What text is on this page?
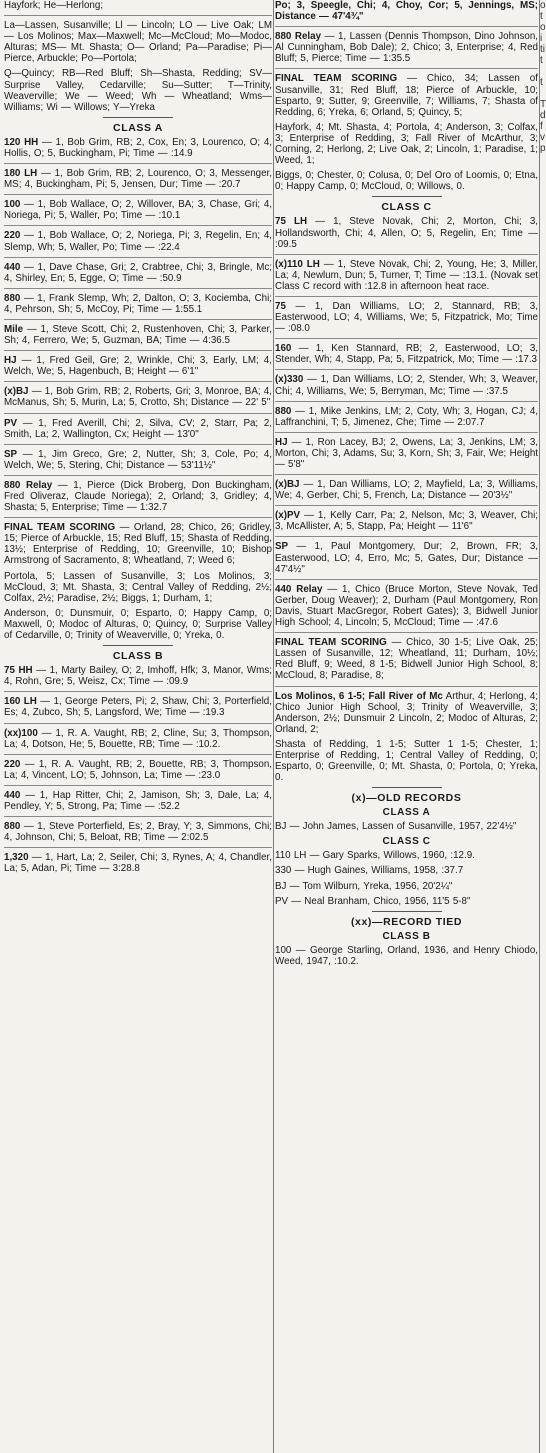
Hayfork; He—Herlong;
La—Lassen, Susanville; Ll — Lincoln; LO — Live Oak; LM — Los Molinos; Max—Maxwell; Mc—McCloud; Mo—Modoc, Alturas; MS— Mt. Shasta; O— Orland; Pa—Paradise; Pi—Pierce, Arbuckle; Po—Portola;
Q—Quincy; RB—Red Bluff; Sh—Shasta, Redding; SV—Surprise Valley, Cedarville; Su—Sutter; T—Trinity, Weaverville; We — Weed; Wh — Wheatland; Wms—Williams; Wi — Willows; Y—Yreka
CLASS A
120 HH — 1, Bob Grim, RB; 2, Cox, En; 3, Lourenco, O; 4, Hollis, O; 5, Buckingham, Pi; Time — :14.9
180 LH — 1, Bob Grim, RB; 2, Lourenco, O; 3, Messenger, MS; 4, Buckingham, Pi; 5, Jensen, Dur; Time — :20.7
100 — 1, Bob Wallace, O; 2, Willover, BA; 3, Chase, Gri; 4, Noriega, Pi; 5, Waller, Po; Time — :10.1
220 — 1, Bob Wallace, O; 2, Noriega, Pi; 3, Regelin, En; 4, Slemp, Wh; 5, Waller, Po; Time — :22.4
440 — 1, Dave Chase, Gri; 2, Crabtree, Chi; 3, Bringle, Mc; 4, Shirley, En; 5, Egge, O; Time — :50.9
880 — 1, Frank Slemp, Wh; 2, Dalton, O; 3, Kociemba, Chi; 4, Pehrson, Sh; 5, McCoy, Pi; Time — 1:55.1
Mile — 1, Steve Scott, Chi; 2, Rustenhoven, Chi; 3, Parker, Sh; 4, Ferrero, We; 5, Guzman, BA; Time — 4:36.5
HJ — 1, Fred Geil, Gre; 2, Wrinkle, Chi; 3, Early, LM; 4, Welch, We; 5, Hagenbuch, B; Height — 6'1"
(x)BJ — 1, Bob Grim, RB; 2, Roberts, Gri; 3, Monroe, BA; 4, McManus, Sh; 5, Murin, La; 5, Crotto, Sh; Distance — 22' 5"
PV — 1, Fred Averill, Chi; 2, Silva, CV; 2, Starr, Pa; 2, Smith, La; 2, Wallington, Cx; Height — 13'0"
SP — 1, Jim Greco, Gre; 2, Nutter, Sh; 3, Cole, Po; 4, Welch, We; 5, Stering, Chi; Distance — 53'11½"
880 Relay — 1, Pierce (Dick Broberg, Don Buckingham, Fred Oliveraz, Claude Noriega); 2, Orland; 3, Gridley; 4, Shasta; 5, Enterprise; Time — 1:32.7
FINAL TEAM SCORING — Orland, 28; Chico, 26; Gridley, 15; Pierce of Arbuckle, 15; Red Bluff, 15; Shasta of Redding, 13½; Enterprise of Redding, 10; Greenville, 10; Bishop Armstrong of Sacramento, 8; Wheatland, 7; Weed 6;
Portola, 5; Lassen of Susanville, 3; Los Molinos, 3; McCloud, 3; Mt. Shasta, 3; Central Valley of Redding, 2½; Colfax, 2½; Paradise, 2½; Biggs, 1; Durham, 1;
Anderson, 0; Dunsmuir, 0; Esparto, 0; Happy Camp, 0; Maxwell, 0; Modoc of Alturas, 0; Quincy, 0; Surprise Valley of Cedarville, 0; Trinity of Weaverville, 0; Yreka, 0.
CLASS B
75 HH — 1, Marty Bailey, O; 2, Imhoff, Hfk; 3, Manor, Wms; 4, Rohn, Gre; 5, Weisz, Cx; Time — :09.9
160 LH — 1, George Peters, Pi; 2, Shaw, Chi; 3, Porterfield, Es; 4, Zubco, Sh; 5, Langsford, We; Time — :19.3
(xx)100 — 1, R. A. Vaught, RB; 2, Cline, Su; 3, Thompson, La; 4, Dotson, He; 5, Bouette, RB; Time — :10.2.
220 — 1, R. A. Vaught, RB; 2, Bouette, RB; 3, Thompson, La; 4, Vincent, LO; 5, Johnson, La; Time — :23.0
440 — 1, Hap Ritter, Chi; 2, Jamison, Sh; 3, Dale, La; 4, Pendley, Y; 5, Strong, Pa; Time — :52.2
880 — 1, Steve Porterfield, Es; 2, Bray, Y; 3, Simmons, Chi; 4, Johnson, Chi; 5, Beloat, RB; Time — 2:02.5
1,320 — 1, Hart, La; 2, Seiler, Chi; 3, Rynes, A; 4, Chandler, La; 5, Adan, Pi; Time — 3:28.8
Po; 3, Speegle, Chi; 4, Choy, Cor; 5, Jennings, MS; Distance — 47'4¾"
880 Relay — 1, Lassen (Dennis Thompson, Dino Johnson, Al Cunningham, Bob Dale); 2, Chico; 3, Enterprise; 4, Red Bluff; 5, Pierce; Time — 1:35.5
FINAL TEAM SCORING — Chico, 34; Lassen of Susanville, 31; Red Bluff, 18; Pierce of Arbuckle, 10; Esparto, 9; Sutter, 9; Greenville, 7; Williams, 7; Shasta of Redding, 6; Yreka, 6; Orland, 5; Quincy, 5;
Hayfork, 4; Mt. Shasta, 4; Portola, 4; Anderson, 3; Colfax, 3; Enterprise of Redding, 3; Fall River of McArthur, 3; Corning, 2; Herlong, 2; Live Oak, 2; Lincoln, 1; Paradise, 1; Weed, 1;
Biggs, 0; Chester, 0; Colusa, 0; Del Oro of Loomis, 0; Etna, 0; Happy Camp, 0; McCloud, 0; Willows, 0.
CLASS C
75 LH — 1, Steve Novak, Chi; 2, Morton, Chi; 3, Hollandsworth, Chi; 4, Allen, O; 5, Regelin, En; Time — :09.5
(x)110 LH — 1, Steve Novak, Chi; 2, Young, He; 3, Miller, La; 4, Newlum, Dun; 5, Turner, T; Time — :13.1. (Novak set Class C record with :12.8 in afternoon heat race.
75 — 1, Dan Williams, LO; 2, Stannard, RB; 3, Easterwood, LO; 4, Williams, We; 5, Fitzpatrick, Mo; Time — :08.0
160 — 1, Ken Stannard, RB; 2, Easterwood, LO; 3, Stender, Wh; 4, Stapp, Pa; 5, Fitzpatrick, Mo; Time — :17.3
(x)330 — 1, Dan Williams, LO; 2, Stender, Wh; 3, Weaver, Chi; 4, Williams, We; 5, Berryman, Mc; Time — :37.5
880 — 1, Mike Jenkins, LM; 2, Coty, Wh; 3, Hogan, CJ; 4, Laffranchini, T; 5, Jimenez, Che; Time — 2:07.7
HJ — 1, Ron Lacey, BJ; 2, Owens, La; 3, Jenkins, LM; 3, Morton, Chi; 3, Adams, Su; 3, Korn, Sh; 3, Fair, We; Height — 5'8"
(x)BJ — 1, Dan Williams, LO; 2, Mayfield, La; 3, Williams, We; 4, Gerber, Chi; 5, French, La; Distance — 20'3½"
(x)PV — 1, Kelly Carr, Pa; 2, Nelson, Mc; 3, Weaver, Chi; 3, McAllister, A; 5, Stapp, Pa; Height — 11'6"
SP — 1, Paul Montgomery, Dur; 2, Brown, FR; 3, Easterwood, LO; 4, Erro, Mc; 5, Gates, Dur; Distance — 47'4½"
440 Relay — 1, Chico (Bruce Morton, Steve Novak, Ted Gerber, Doug Weaver); 2, Durham (Paul Montgomery, Ron Davis, Stuart MacGregor, Robert Gates); 3, Bidwell Junior High School; 4, Lincoln; 5, McCloud; Time — :47.6
FINAL TEAM SCORING — Chico, 30 1-5; Live Oak, 25; Lassen of Susanville, 12; Wheatland, 11; Durham, 10½; Red Bluff, 9; Weed, 8 1-5; Bidwell Junior High School, 8; McCloud, 8; Paradise, 8;
Los Molinos, 6 1-5; Fall River of Mc Arthur, 4; Herlong, 4; Chico Junior High School, 3; Trinity of Weaverville, 3; Anderson, 2½; Dunsmuir 2 Lincoln, 2; Modoc of Alturas, 2; Orland, 2;
Shasta of Redding, 1 1-5; Sutter 1 1-5; Chester, 1; Enterprise of Redding, 1; Central Valley of Redding, 0; Esparto, 0; Greenville, 0; Mt. Shasta, 0; Portola, 0; Yreka, 0.
(x)—OLD RECORDS
CLASS A
BJ — John James, Lassen of Susanville, 1957, 22'4½"
CLASS C
110 LH — Gary Sparks, Willows, 1960, :12.9.
330 — Hugh Gaines, Williams, 1958, :37.7
BJ — Tom Wilburn, Yreka, 1956, 20'2¼"
PV — Neal Branham, Chico, 1956, 11'5 5-8"
(xx)—RECORD TIED
CLASS B
100 — George Starling, Orland, 1936, and Henry Chiodo, Weed, 1947, :10.2.
o
t
o
i
ti
t

t

T
d
f
v
p
